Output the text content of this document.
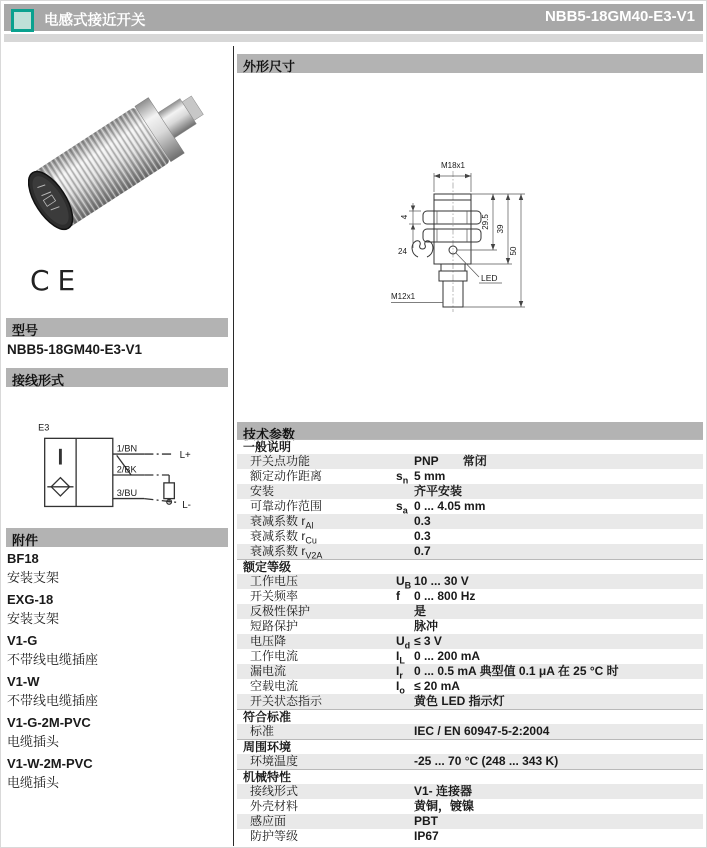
电感式接近开关	NBB5-18GM40-E3-V1
CE
型号
NBB5-18GM40-E3-V1
接线形式
E3
1/BN
2/BK
3/BU
L+
L-
附件
BF18
安装支架
EXG-18
安装支架
V1-G
不带线电缆插座
V1-W
不带线电缆插座
V1-G-2M-PVC
电缆插头
V1-W-2M-PVC
电缆插头
外形尺寸
M18x1
4
24
LED
M12x1
29.5 39
50
技术参数
一般说明
开关点功能	PNP 常闭
额定动作距离	$s_n$ 5 mm
安装	齐平安装
可靠动作范围	$s_a$ 0 ... 4.05 mm
衰减系数 $r_{Al}$	0.3
衰减系数 $r_{Cu}$	0.3
衰减系数 $r_{V2A}$	0.7
额定等级
工作电压	$U_B$ 10 ... 30 V
开关频率	f	0 ... 800 Hz
反极性保护	是
短路保护	脉冲
电压降	$U_d \le 3$ V
工作电流	$I_L$ 0 ... 200 mA
漏电流	$I_r$ 0 ... 0.5 mA 典型值 0.1 μA 在 25 °C 时
空载电流	$I_o \le 20$ mA
开关状态指示	黄色 LED 指示灯
符合标准
标准	IEC / EN 60947-5-2:2004
周围环境
环境温度	-25 ... 70 °C (248 ... 343 K)
机械特性
接线形式	V1- 连接器
外壳材料	黄铜，镀镍
感应面	PBT
防护等级	IP67
